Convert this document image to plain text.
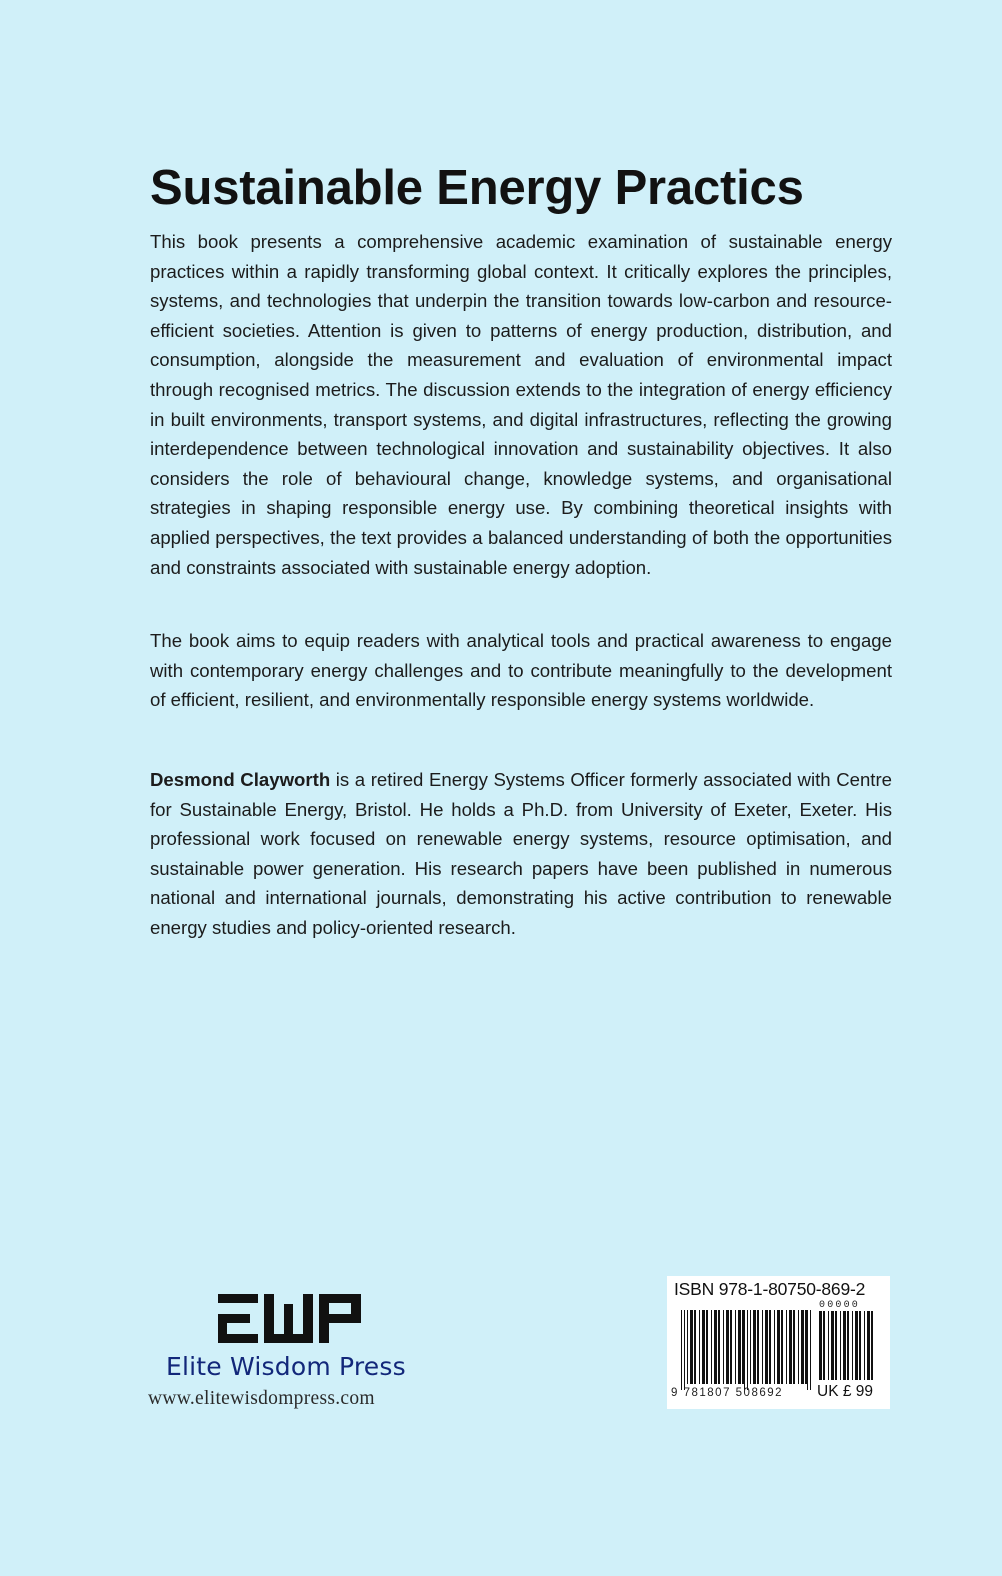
Sustainable Energy Practics

This book presents a comprehensive academic examination of sustainable energy practices within a rapidly transforming global context. It critically explores the principles, systems, and technologies that underpin the transition towards low-carbon and resource-efficient societies. Attention is given to patterns of energy production, distribution, and consumption, alongside the measurement and evaluation of environmental impact through recognised metrics. The discussion extends to the integration of energy efficiency in built environments, transport systems, and digital infrastructures, reflecting the growing interdependence between technological innovation and sustainability objectives. It also considers the role of behavioural change, knowledge systems, and organisational strategies in shaping responsible energy use. By combining theoretical insights with applied perspectives, the text provides a balanced understanding of both the opportunities and constraints associated with sustainable energy adoption.

The book aims to equip readers with analytical tools and practical awareness to engage with contemporary energy challenges and to contribute meaningfully to the development of efficient, resilient, and environmentally responsible energy systems worldwide.

Desmond Clayworth is a retired Energy Systems Officer formerly associated with Centre for Sustainable Energy, Bristol. He holds a Ph.D. from University of Exeter, Exeter. His professional work focused on renewable energy systems, resource optimisation, and sustainable power generation. His research papers have been published in numerous national and international journals, demonstrating his active contribution to renewable energy studies and policy-oriented research.

Elite Wisdom Press
www.elitewisdompress.com
ISBN 978-1-80750-869-2
00000
9 781807 508692 UK £ 99
